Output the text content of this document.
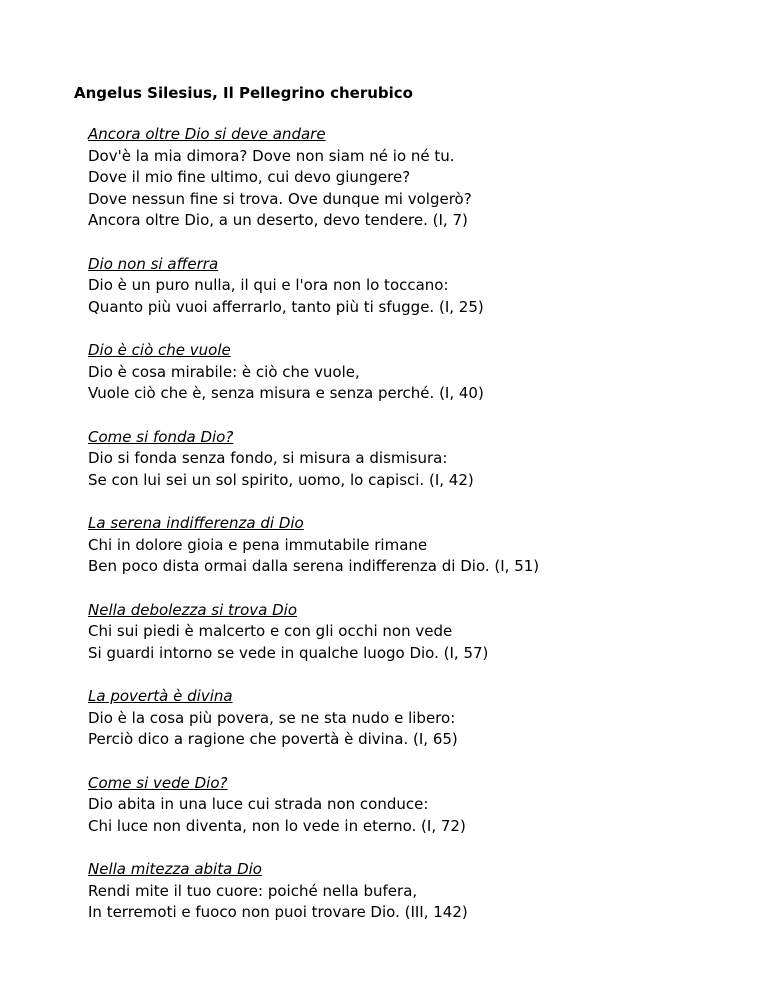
Angelus Silesius, Il Pellegrino cherubico
Ancora oltre Dio si deve andare
Dov'è la mia dimora? Dove non siam né io né tu.
Dove il mio fine ultimo, cui devo giungere?
Dove nessun fine si trova. Ove dunque mi volgerò?
Ancora oltre Dio, a un deserto, devo tendere. (I, 7)
Dio non si afferra
Dio è un puro nulla, il qui e l'ora non lo toccano:
Quanto più vuoi afferrarlo, tanto più ti sfugge. (I, 25)
Dio è ciò che vuole
Dio è cosa mirabile: è ciò che vuole,
Vuole ciò che è, senza misura e senza perché. (I, 40)
Come si fonda Dio?
Dio si fonda senza fondo, si misura a dismisura:
Se con lui sei un sol spirito, uomo, lo capisci. (I, 42)
La serena indifferenza di Dio
Chi in dolore gioia e pena immutabile rimane
Ben poco dista ormai dalla serena indifferenza di Dio. (I, 51)
Nella debolezza si trova Dio
Chi sui piedi è malcerto e con gli occhi non vede
Si guardi intorno se vede in qualche luogo Dio. (I, 57)
La povertà è divina
Dio è la cosa più povera, se ne sta nudo e libero:
Perciò dico a ragione che povertà è divina. (I, 65)
Come si vede Dio?
Dio abita in una luce cui strada non conduce:
Chi luce non diventa, non lo vede in eterno. (I, 72)
Nella mitezza abita Dio
Rendi mite il tuo cuore: poiché nella bufera,
In terremoti e fuoco non puoi trovare Dio. (III, 142)
